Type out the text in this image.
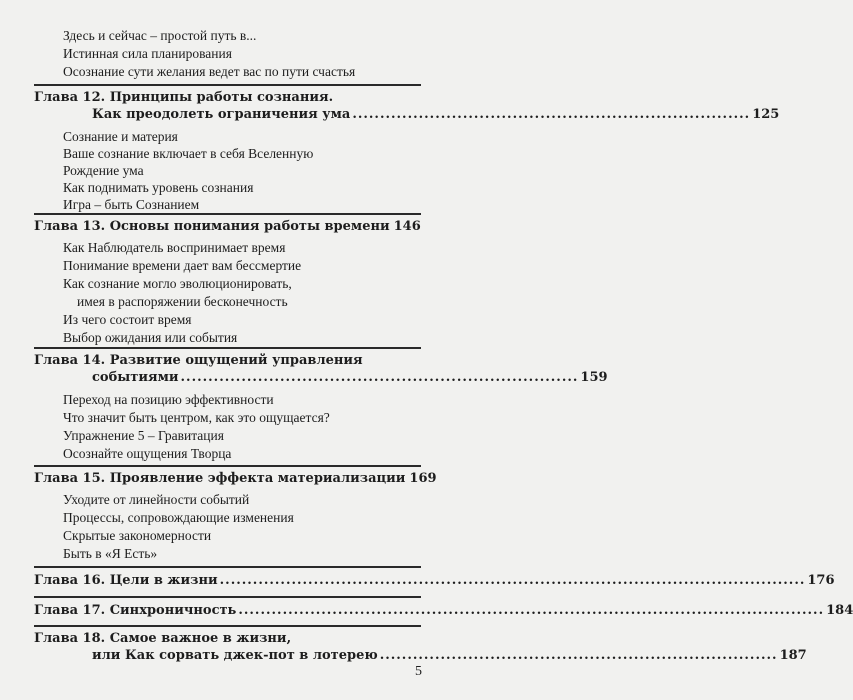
Здесь и сейчас – простой путь в...
Истинная сила планирования
Осознание сути желания ведет вас по пути счастья
Глава 12. Принципы работы сознания.
Как преодолеть ограничения ума ........................................................................ 125
Сознание и материя
Ваше сознание включает в себя Вселенную
Рождение ума
Как поднимать уровень сознания
Игра – быть Сознанием
Глава 13. Основы понимания работы времени 146
Как Наблюдатель воспринимает время
Понимание времени дает вам бессмертие
Как сознание могло эволюционировать,
имея в распоряжении бесконечность
Из чего состоит время
Выбор ожидания или события
Глава 14. Развитие ощущений управления
событиями ........................................................................ 159
Переход на позицию эффективности
Что значит быть центром, как это ощущается?
Упражнение 5 – Гравитация
Осознайте ощущения Творца
Глава 15. Проявление эффекта материализации 169
Уходите от линейности событий
Процессы, сопровождающие изменения
Скрытые закономерности
Быть в «Я Есть»
Глава 16. Цели в жизни .......................................................................................................... 176
Глава 17. Синхроничность .......................................................................................................... 184
Глава 18. Самое важное в жизни,
или Как сорвать джек-пот в лотерею ........................................................................ 187
5
